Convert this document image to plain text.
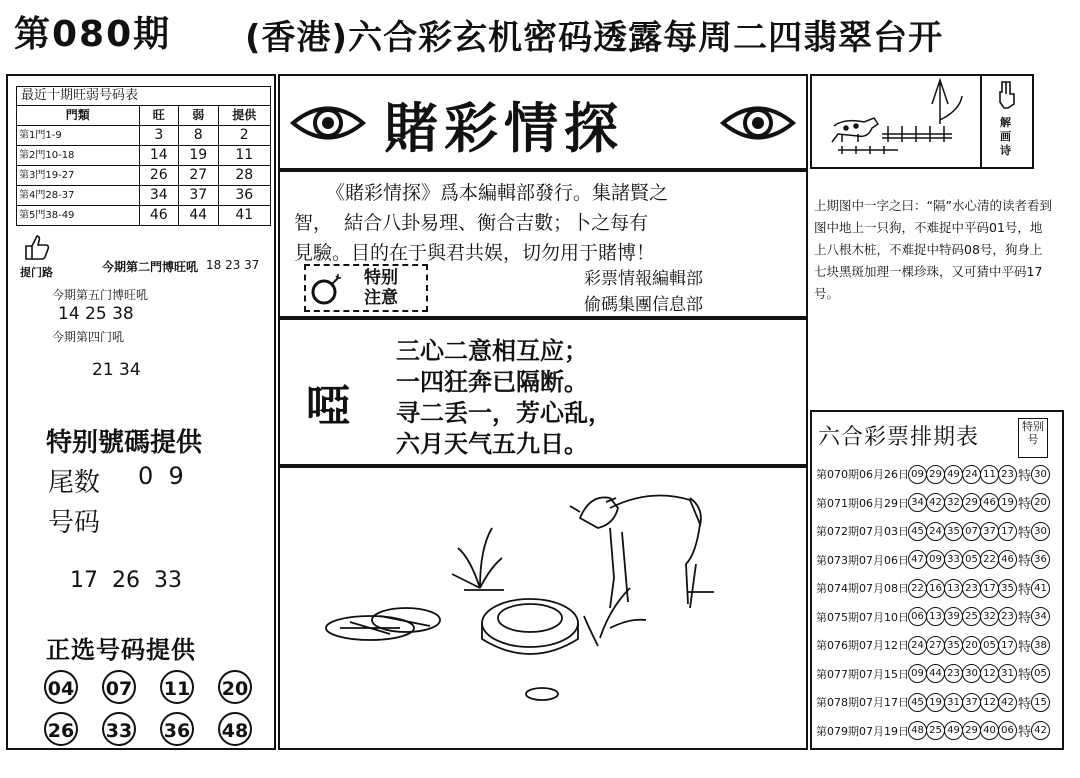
第080期 (香港)六合彩玄机密码透露每周二四翡翠台开
最近十期旺弱号码表
門類	旺	弱	提供
第1門1-9	3	8	2
第2門10-18	14	19	11
第3門19-27	26	27	28
第4門28-37	34	37	36
第5門38-49	46	44	41
提门路	今期第二門博旺吼 18 23 37
今期第五门博旺吼
14 25 38
今期第四门吼
21 34
特别號碼提供
尾数 0  9
号码
17  26  33
正选号码提供
04 07 11 20
26 33 36 48
賭彩情探
《賭彩情探》爲本編輯部發行。集諸賢之
智，  結合八卦易理、衡合吉數；卜之每有
見驗。目的在于與君共娱，切勿用于賭博！
特别注意
彩票情報編輯部
偷碼集團信息部
啞
三心二意相互应；
一四狂奔已隔断。
寻二丢一，芳心乱，
六月天气五九日。
解画诗
上期图中一字之曰：“隔”水心清的读者看到图中地上一只狗，不难捉中平码01号，地上八根木桩，不难捉中特码08号，狗身上七块黑斑加理一棵珍珠，又可猜中平码17号。
六合彩票排期表	特别号
第070期06月26日 09 29 49 24 11 23 特 30
第071期06月29日 34 42 32 29 46 19 特 20
第072期07月03日 45 24 35 07 37 17 特 30
第073期07月06日 47 09 33 05 22 46 特 36
第074期07月08日 22 16 13 23 17 35 特 41
第075期07月10日 06 13 39 25 32 23 特 34
第076期07月12日 24 27 35 20 05 17 特 38
第077期07月15日 09 44 23 30 12 31 特 05
第078期07月17日 45 19 31 37 12 42 特 15
第079期07月19日 48 25 49 29 40 06 特 42
